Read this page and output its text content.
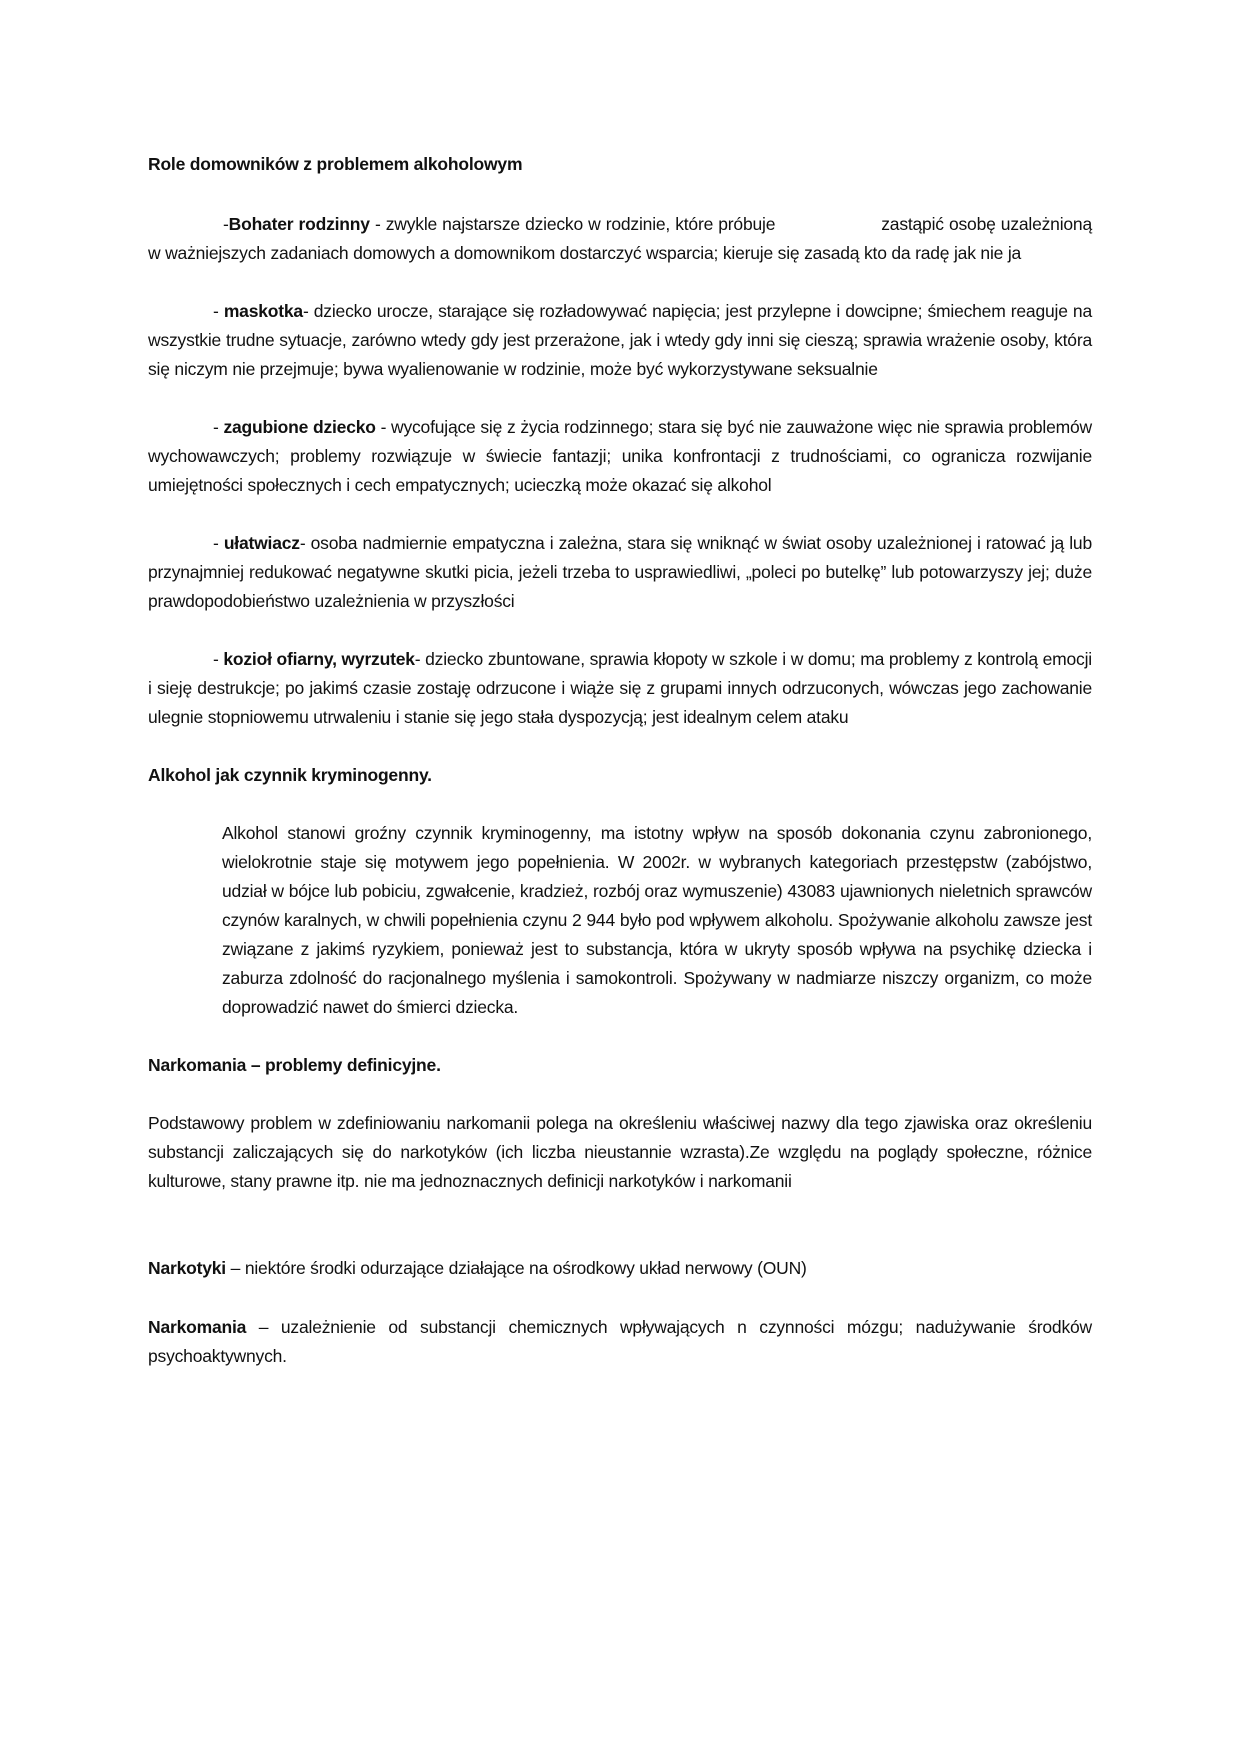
Role domowników z problemem alkoholowym

-Bohater rodzinny - zwykle najstarsze dziecko w rodzinie, które próbuje	zastąpić osobę uzależnioną w ważniejszych zadaniach domowych a domownikom dostarczyć wsparcia; kieruje się zasadą kto da radę jak nie ja

- maskotka- dziecko urocze, starające się rozładowywać napięcia; jest przylepne i dowcipne; śmiechem reaguje na wszystkie trudne sytuacje, zarówno wtedy gdy jest przerażone, jak i wtedy gdy inni się cieszą; sprawia wrażenie osoby, która się niczym nie przejmuje; bywa wyalienowanie w rodzinie, może być wykorzystywane seksualnie

- zagubione dziecko - wycofujące się z życia rodzinnego; stara się być nie zauważone więc nie sprawia problemów wychowawczych; problemy rozwiązuje w świecie fantazji; unika konfrontacji z trudnościami, co ogranicza rozwijanie umiejętności społecznych i cech empatycznych; ucieczką może okazać się alkohol

- ułatwiacz- osoba nadmiernie empatyczna i zależna, stara się wniknąć w świat osoby uzależnionej i ratować ją lub przynajmniej redukować negatywne skutki picia, jeżeli trzeba to usprawiedliwi, „poleci po butelkę” lub potowarzyszy jej; duże prawdopodobieństwo uzależnienia w przyszłości

- kozioł ofiarny, wyrzutek- dziecko zbuntowane, sprawia kłopoty w szkole i w domu; ma problemy z kontrolą emocji i sieję destrukcje; po jakimś czasie zostaję odrzucone i wiąże się z grupami innych odrzuconych, wówczas jego zachowanie ulegnie stopniowemu utrwaleniu i stanie się jego stała dyspozycją; jest idealnym celem ataku

Alkohol jak czynnik kryminogenny.

Alkohol stanowi groźny czynnik kryminogenny, ma istotny wpływ na sposób dokonania czynu zabronionego, wielokrotnie staje się motywem jego popełnienia. W 2002r. w wybranych kategoriach przestępstw (zabójstwo, udział w bójce lub pobiciu, zgwałcenie, kradzież, rozbój oraz wymuszenie) 43083 ujawnionych nieletnich sprawców czynów karalnych, w chwili popełnienia czynu 2 944 było pod wpływem alkoholu. Spożywanie alkoholu zawsze jest związane z jakimś ryzykiem, ponieważ jest to substancja, która w ukryty sposób wpływa na psychikę dziecka i zaburza zdolność do racjonalnego myślenia i samokontroli. Spożywany w nadmiarze niszczy organizm, co może doprowadzić nawet do śmierci dziecka.

Narkomania – problemy definicyjne.

Podstawowy problem w zdefiniowaniu narkomanii polega na określeniu właściwej nazwy dla tego zjawiska oraz określeniu substancji zaliczających się do narkotyków (ich liczba nieustannie wzrasta).Ze względu na poglądy społeczne, różnice kulturowe, stany prawne itp. nie ma jednoznacznych definicji narkotyków i narkomanii

Narkotyki – niektóre środki odurzające działające na ośrodkowy układ nerwowy (OUN)

Narkomania – uzależnienie od substancji chemicznych wpływających n czynności mózgu; nadużywanie środków psychoaktywnych.
